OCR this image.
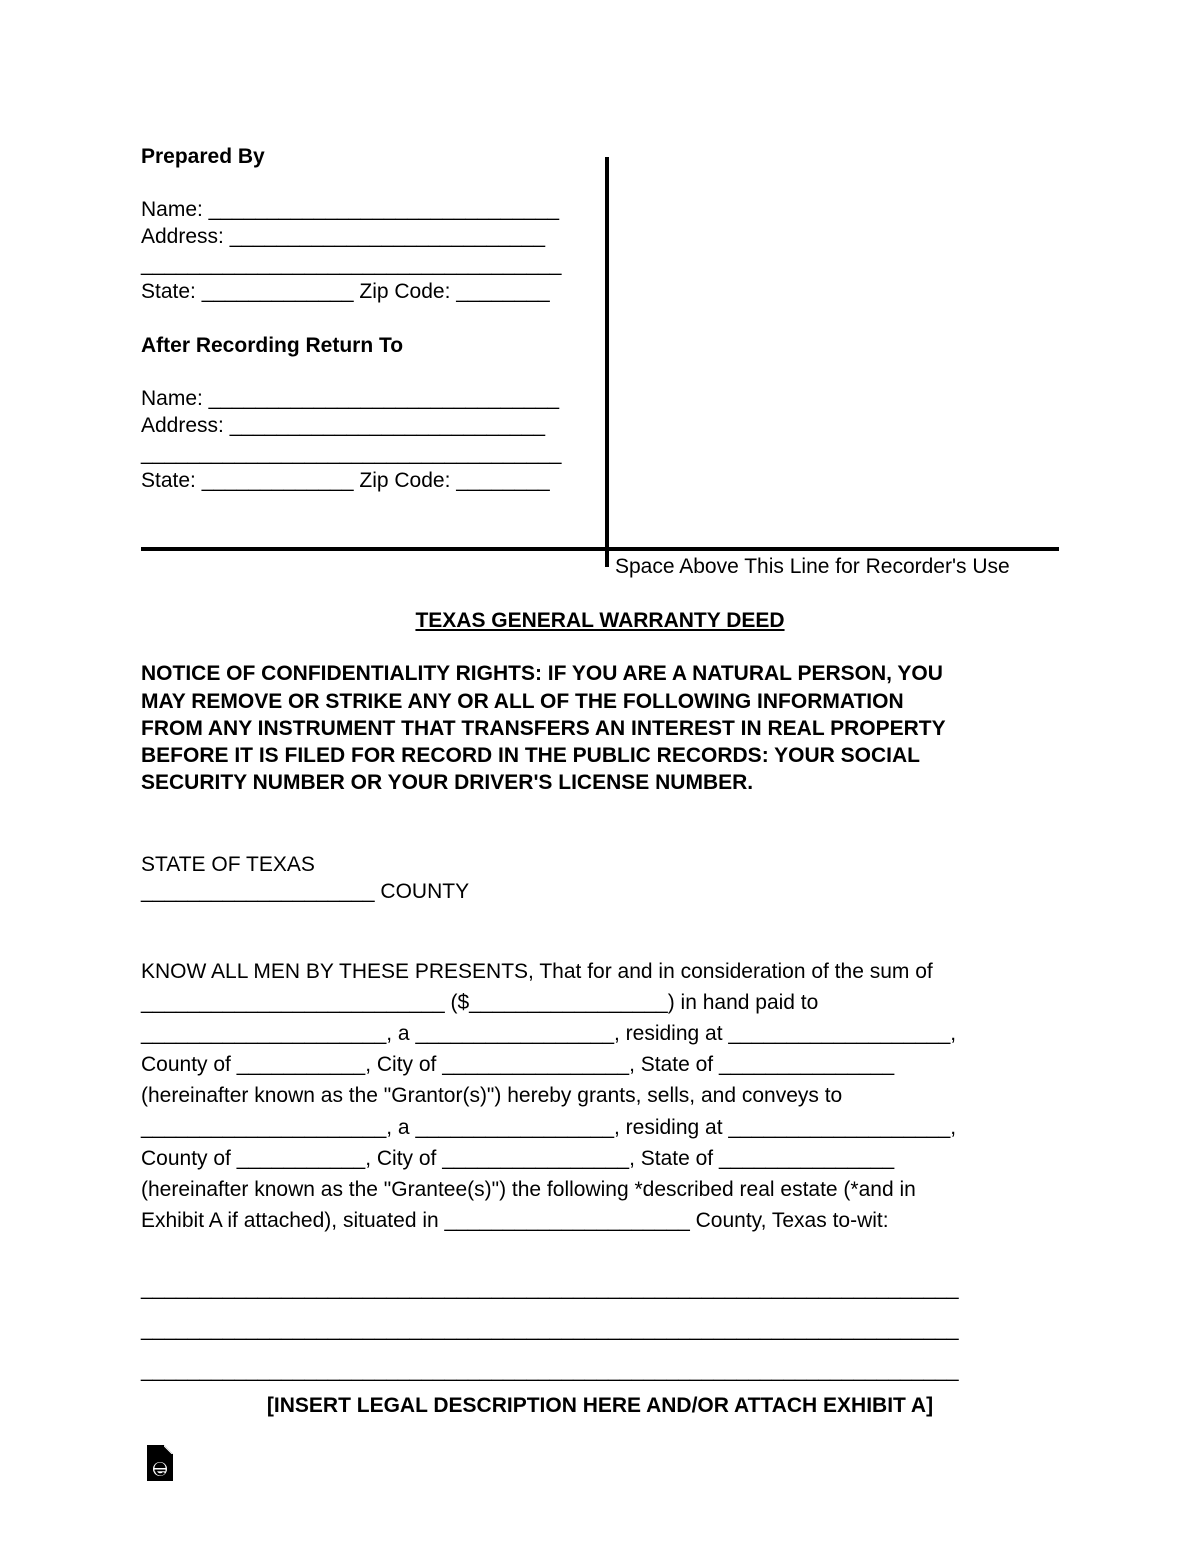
Prepared By
Name: ______________________________
Address: ___________________________
____________________________________
State: _____________ Zip Code: ________
After Recording Return To
Name: ______________________________
Address: ___________________________
____________________________________
State: _____________ Zip Code: ________
Space Above This Line for Recorder's Use
TEXAS GENERAL WARRANTY DEED
NOTICE OF CONFIDENTIALITY RIGHTS: IF YOU ARE A NATURAL PERSON, YOU
MAY REMOVE OR STRIKE ANY OR ALL OF THE FOLLOWING INFORMATION
FROM ANY INSTRUMENT THAT TRANSFERS AN INTEREST IN REAL PROPERTY
BEFORE IT IS FILED FOR RECORD IN THE PUBLIC RECORDS: YOUR SOCIAL
SECURITY NUMBER OR YOUR DRIVER'S LICENSE NUMBER.
STATE OF TEXAS
____________________ COUNTY
KNOW ALL MEN BY THESE PRESENTS, That for and in consideration of the sum of
__________________________ ($_________________) in hand paid to
_____________________, a _________________, residing at ___________________,
County of ___________, City of ________________, State of _______________
(hereinafter known as the "Grantor(s)") hereby grants, sells, and conveys to
_____________________, a _________________, residing at ___________________,
County of ___________, City of ________________, State of _______________
(hereinafter known as the "Grantee(s)") the following *described real estate (*and in
Exhibit A if attached), situated in _____________________ County, Texas to-wit:
______________________________________________________________________
______________________________________________________________________
______________________________________________________________________
[INSERT LEGAL DESCRIPTION HERE AND/OR ATTACH EXHIBIT A]
